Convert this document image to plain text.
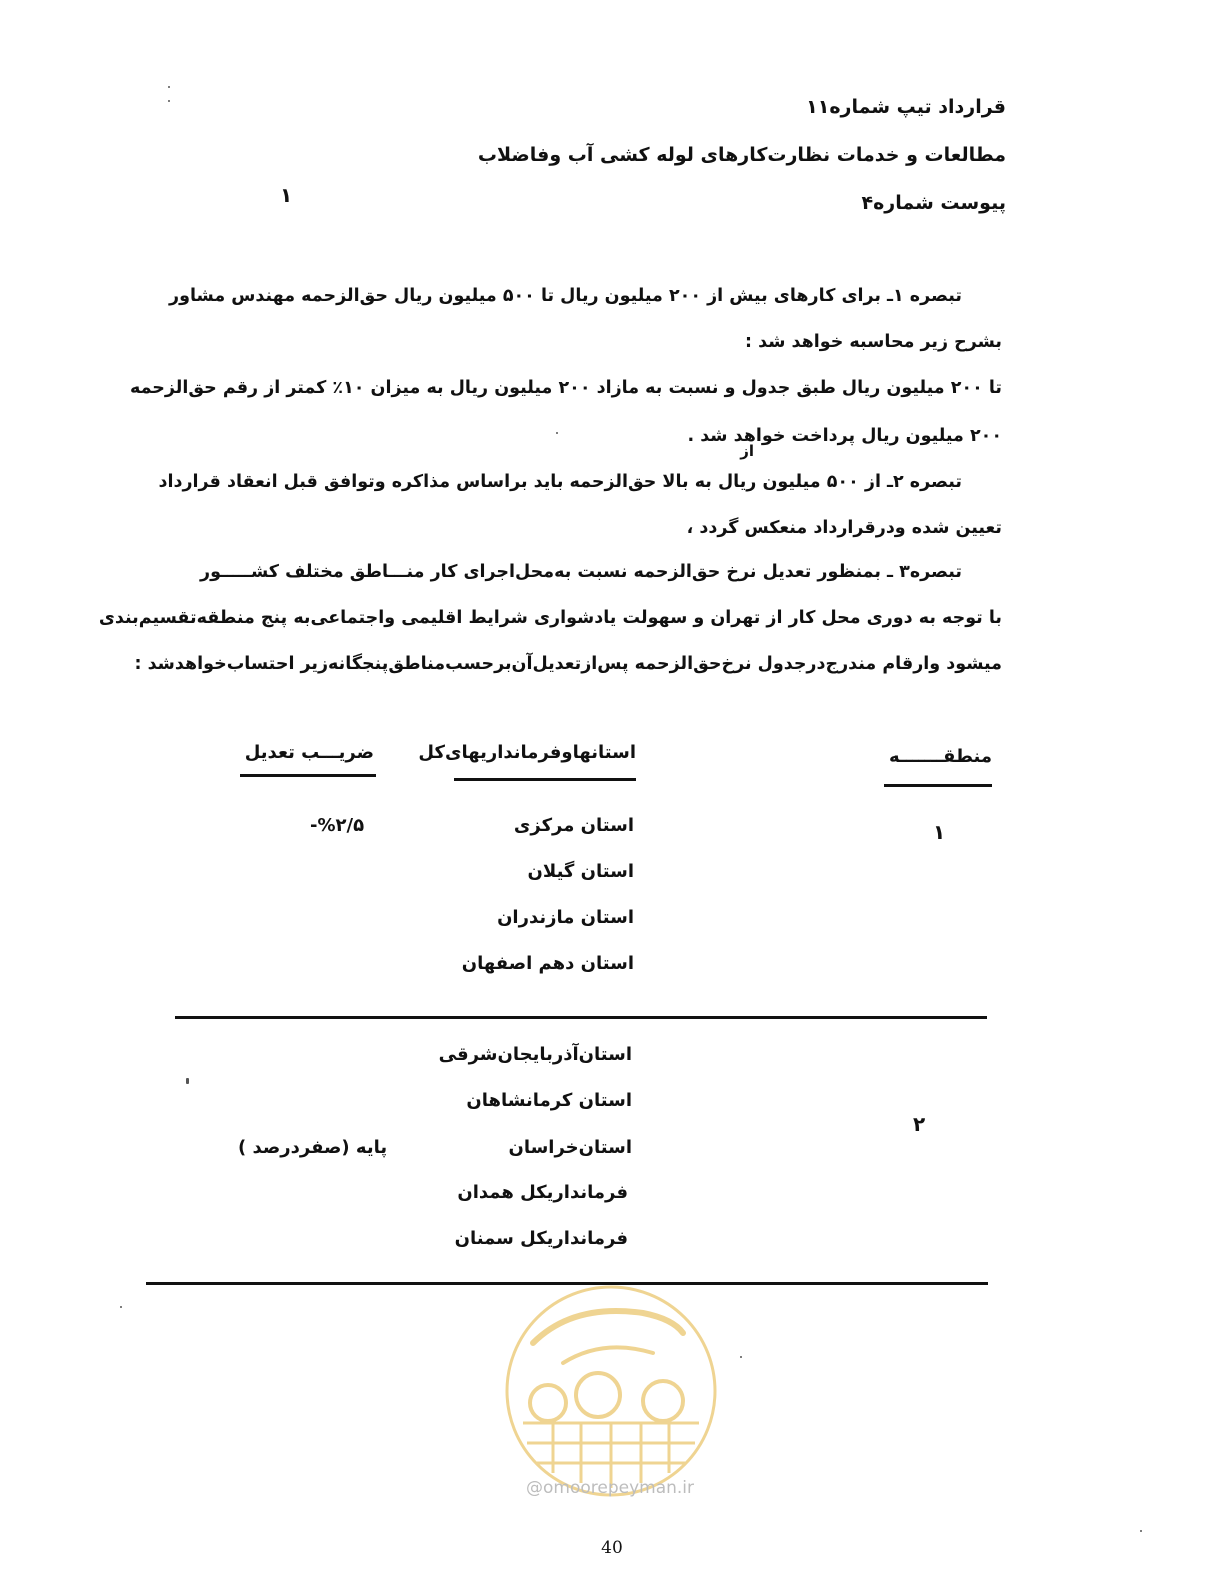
قرارداد تیپ شماره۱۱
مطالعات و خدمات نظارت‌کارهای لوله کشی آب وفاضلاب
پیوست شماره۴
۱
تبصره ۱ـ برای کارهای بیش از ۲۰۰ میلیون ریال تا ۵۰۰ میلیون ریال حق‌الزحمه مهندس مشاور
بشرح زیر محاسبه خواهد شد :
تا ۲۰۰ میلیون ریال طبق جدول و نسبت به مازاد ۲۰۰ میلیون ریال به میزان ۱۰٪ کمتر از رقم حق‌الزحمه
۲۰۰ میلیون ریال پرداخت خواهد شد .
از
تبصره ۲ـ از ۵۰۰ میلیون ریال به بالا حق‌الزحمه باید براساس مذاکره وتوافق قبل انعقاد قرارداد
تعیین شده ودرقرارداد منعکس گردد ،
تبصره۳ ـ بمنظور تعدیل نرخ حق‌الزحمه نسبت به‌محل‌اجرای کار منـــاطق مختلف کشـــــور
با توجه به دوری محل کار از تهران و سهولت یادشواری شرایط اقلیمی واجتماعی‌به پنج منطقه‌تقسیم‌بندی
میشود وارقام مندرج‌درجدول نرخ‌حق‌الزحمه پس‌ازتعدیل‌آن‌برحسب‌مناطق‌پنجگانه‌زیر احتساب‌خواهدشد :
منطقـــــــه
استانهاوفرمانداریهای‌کل
ضریـــب تعدیل
۱
%۲/۵-	استان مرکزی
استان گیلان
استان مازندران
استان دهم اصفهان
۲
پایه (صفردرصد )
استان‌آذربایجان‌شرقی
استان کرمانشاهان
استان‌خراسان
فرمانداریکل همدان
فرمانداریکل سمنان
@omoorepeyman.ir
40
